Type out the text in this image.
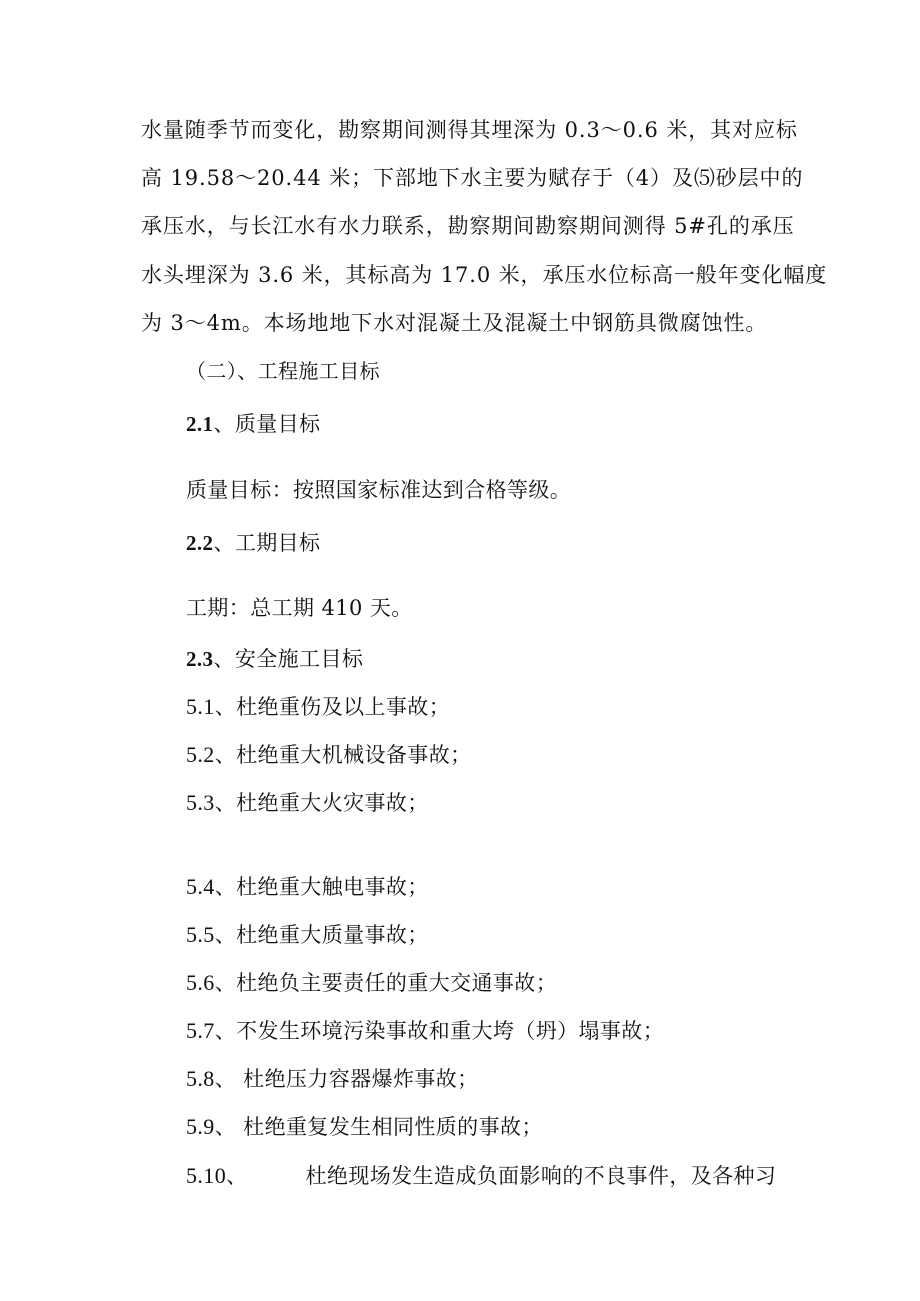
水量随季节而变化，勘察期间测得其埋深为 0.3～0.6 米，其对应标
高 19.58～20.44 米；下部地下水主要为赋存于（4）及⑸砂层中的
承压水，与长江水有水力联系，勘察期间勘察期间测得 5#孔的承压
水头埋深为 3.6 米，其标高为 17.0 米，承压水位标高一般年变化幅度
为 3～4m。本场地地下水对混凝土及混凝土中钢筋具微腐蚀性。
（二）、工程施工目标
2.1、质量目标
质量目标：按照国家标准达到合格等级。
2.2、工期目标
工期：总工期 410 天。
2.3、安全施工目标
5.1、杜绝重伤及以上事故；
5.2、杜绝重大机械设备事故；
5.3、杜绝重大火灾事故；
5.4、杜绝重大触电事故；
5.5、杜绝重大质量事故；
5.6、杜绝负主要责任的重大交通事故；
5.7、不发生环境污染事故和重大垮（坍）塌事故；
5.8、 杜绝压力容器爆炸事故；
5.9、 杜绝重复发生相同性质的事故；
5.10、	杜绝现场发生造成负面影响的不良事件，及各种习
